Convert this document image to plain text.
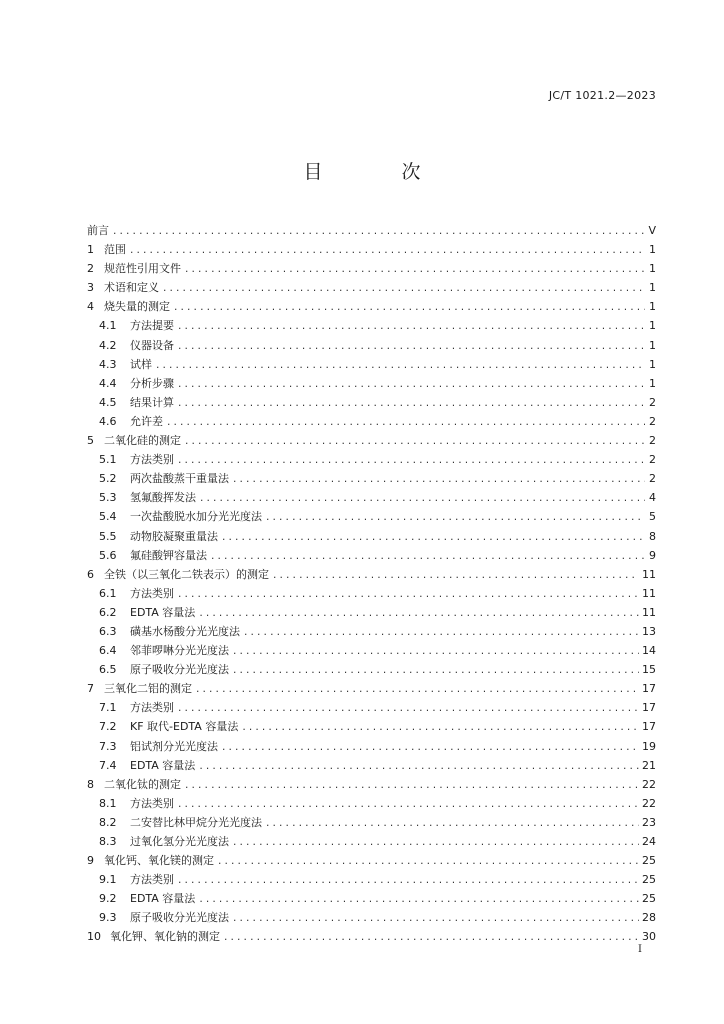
JC/T 1021.2—2023
目　次
前言 .....	V
1 范围 .....	1
2 规范性引用文件 .....	1
3 术语和定义 .....	1
4 烧失量的测定 .....	1
4.1	方法提要 .....	1
4.2	仪器设备 .....	1
4.3	试样 .....	1
4.4	分析步骤 .....	1
4.5	结果计算 .....	2
4.6	允许差 .....	2
5 二氧化硅的测定 .....	2
5.1	方法类别 .....	2
5.2	两次盐酸蒸干重量法 .....	2
5.3	氢氟酸挥发法 .....	4
5.4	一次盐酸脱水加分光光度法 .....	5
5.5	动物胶凝聚重量法 .....	8
5.6	氟硅酸钾容量法 .....	9
6 全铁（以三氧化二铁表示）的测定 .....	11
6.1	方法类别 .....	11
6.2	EDTA 容量法 .....	11
6.3	磺基水杨酸分光光度法 .....	13
6.4	邻菲啰啉分光光度法 .....	14
6.5	原子吸收分光光度法 .....	15
7 三氧化二铝的测定 .....	17
7.1	方法类别 .....	17
7.2	KF 取代-EDTA 容量法 .....	17
7.3	铝试剂分光光度法 .....	19
7.4	EDTA 容量法 .....	21
8 二氧化钛的测定 .....	22
8.1	方法类别 .....	22
8.2	二安替比林甲烷分光光度法 .....	23
8.3	过氧化氢分光光度法 .....	24
9 氧化钙、氧化镁的测定 .....	25
9.1	方法类别 .....	25
9.2	EDTA 容量法 .....	25
9.3	原子吸收分光光度法 .....	28
10 氧化钾、氧化钠的测定 .....	30
I
